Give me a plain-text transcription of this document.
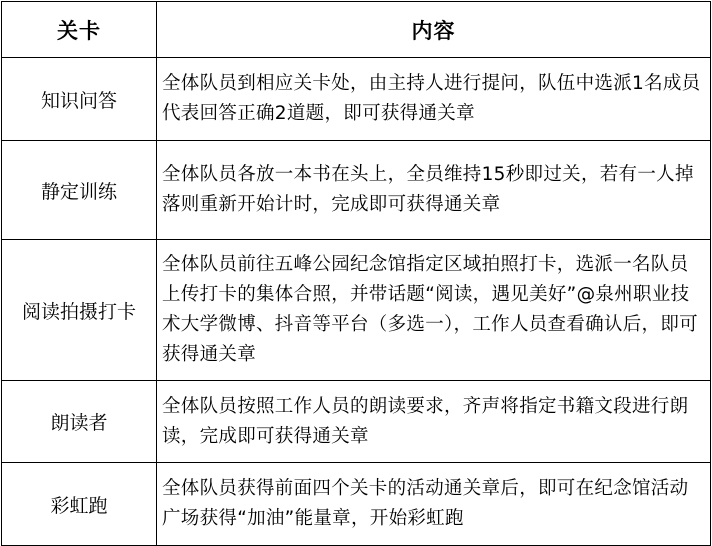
关卡	内容
知识问答	全体队员到相应关卡处，由主持人进行提问，队伍中选派1名成员代表回答正确2道题，即可获得通关章
静定训练	全体队员各放一本书在头上，全员维持15秒即过关，若有一人掉落则重新开始计时，完成即可获得通关章
阅读拍摄打卡	全体队员前往五峰公园纪念馆指定区域拍照打卡，选派一名队员上传打卡的集体合照，并带话题“阅读，遇见美好”@泉州职业技术大学微博、抖音等平台（多选一），工作人员查看确认后，即可获得通关章
朗读者	全体队员按照工作人员的朗读要求，齐声将指定书籍文段进行朗读，完成即可获得通关章
彩虹跑	全体队员获得前面四个关卡的活动通关章后，即可在纪念馆活动广场获得“加油”能量章，开始彩虹跑
